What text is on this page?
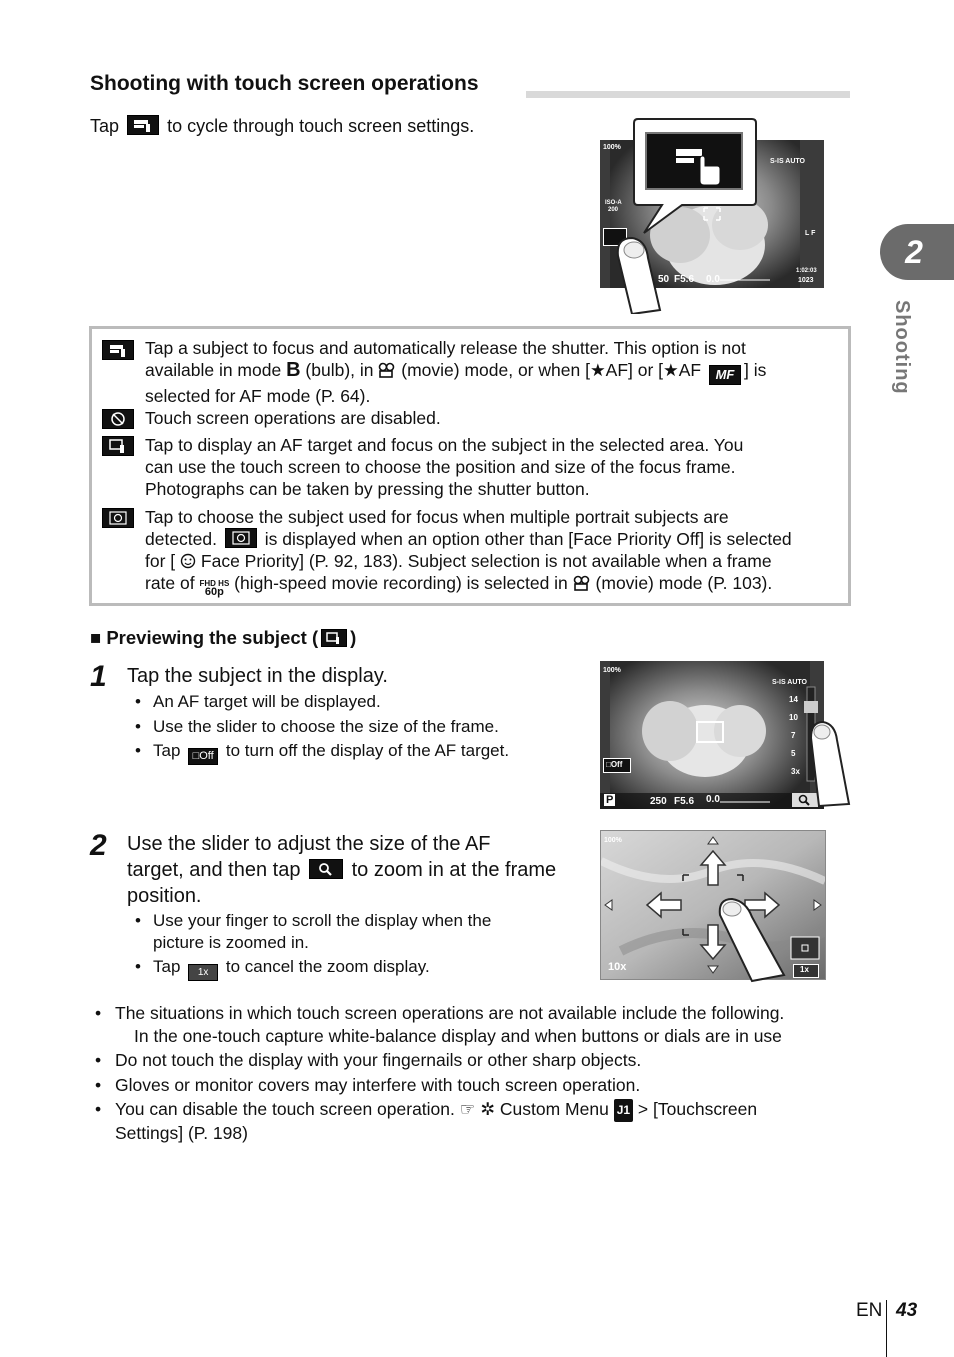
Shooting with touch screen operations
Tap	to cycle through touch screen settings.
100%
S-IS AUTO
ISO-A
200
L F
50 F5.6 0.0
1:02:03
1023
2
Shooting
Tap a subject to focus and automatically release the shutter. This option is not
available in mode B (bulb), in (movie) mode, or when [★AF] or [★AF MF ] is
selected for AF mode (P. 64).
Touch screen operations are disabled.
Tap to display an AF target and focus on the subject in the selected area. You
can use the touch screen to choose the position and size of the focus frame.
Photographs can be taken by pressing the shutter button.
Tap to choose the subject used for focus when multiple portrait subjects are
detected.	is displayed when an option other than [Face Priority Off] is selected
for [ Face Priority] (P. 92, 183). Subject selection is not available when a frame
rate of FHD HS
60p (high-speed movie recording) is selected in (movie) mode (P. 103).
■ Previewing the subject ( )
1 Tap the subject in the display.
• An AF target will be displayed.
• Use the slider to choose the size of the frame.
• Tap □Off to turn off the display of the AF target.
100%
S-IS AUTO
14
10
7
5
3x
□Off
P	250 F5.6 0.0
2 Use the slider to adjust the size of the AF
target, and then tap	to zoom in at the frame
position.
• Use your finger to scroll the display when the
picture is zoomed in.
• Tap 1x to cancel the zoom display.
100%
10x	1x
• The situations in which touch screen operations are not available include the following.
In the one-touch capture white-balance display and when buttons or dials are in use
• Do not touch the display with your fingernails or other sharp objects.
• Gloves or monitor covers may interfere with touch screen operation.
• You can disable the touch screen operation. ☞ ✲ Custom Menu J1 > [Touchscreen
Settings] (P. 198)
EN 43
